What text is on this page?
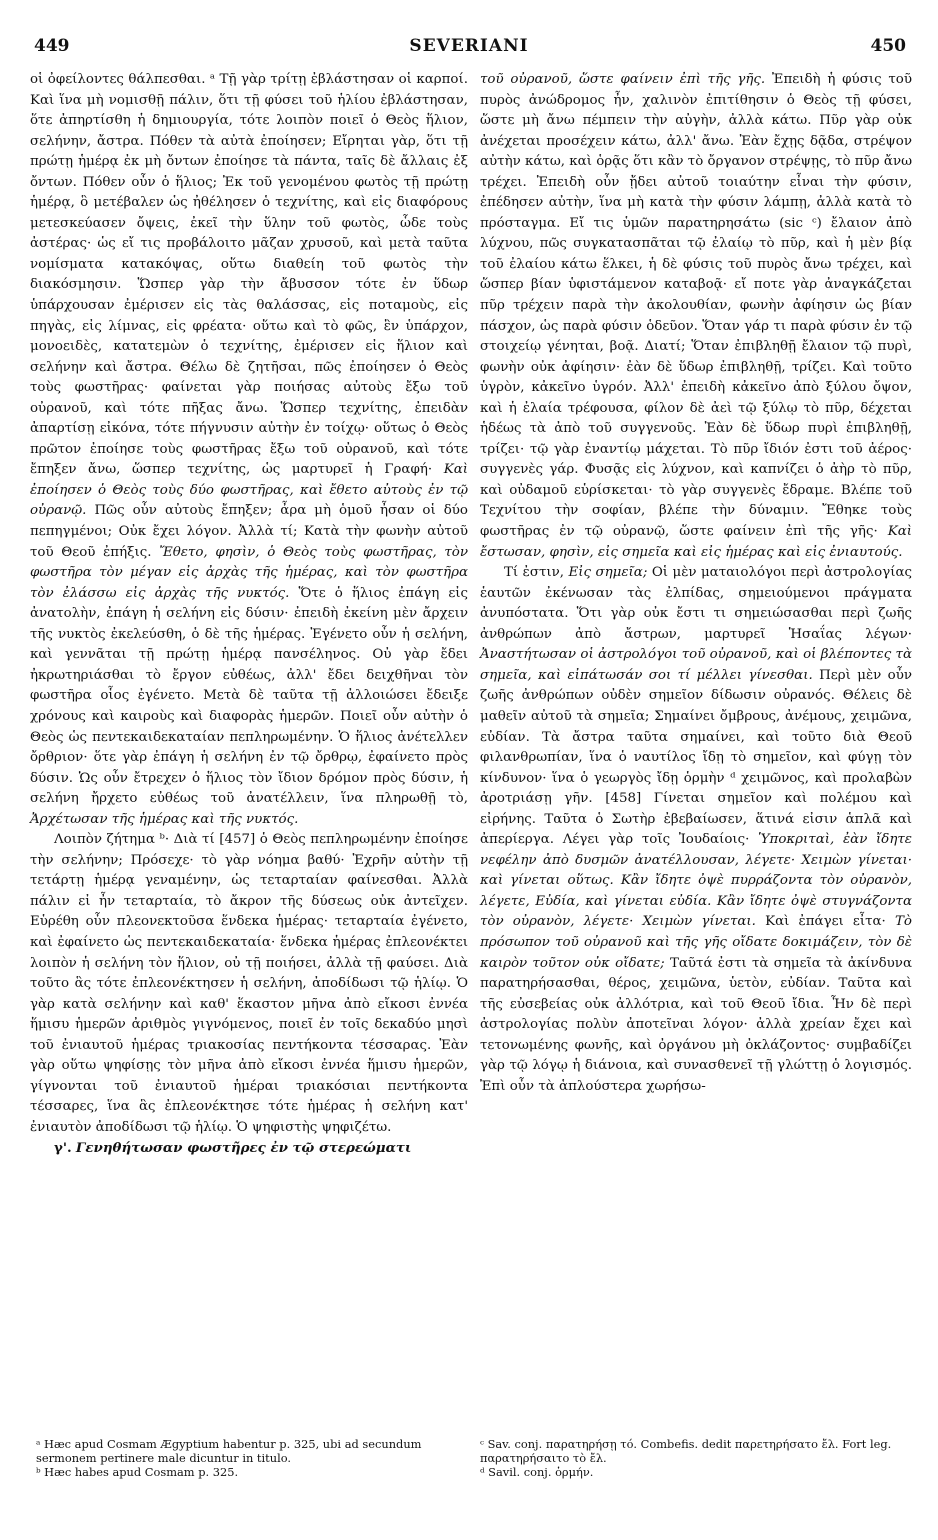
449	SEVERIANI	450

οἱ ὀφείλοντες θάλπεσθαι. ᵃ Τῇ γὰρ τρίτῃ ἐβλάστησαν οἱ καρποί. Καὶ ἵνα μὴ νομισθῇ πάλιν, ὅτι τῇ φύσει τοῦ ἡλίου ἐβλάστησαν, ὅτε ἀπηρτίσθη ἡ δημιουργία, τότε λοιπὸν ποιεῖ ὁ Θεὸς ἥλιον, σελήνην, ἄστρα. Πόθεν τὰ αὐτὰ ἐποίησεν; Εἴρηται γὰρ, ὅτι τῇ πρώτῃ ἡμέρᾳ ἐκ μὴ ὄντων ἐποίησε τὰ πάντα, ταῖς δὲ ἄλλαις ἐξ ὄντων. Πόθεν οὖν ὁ ἥλιος; Ἐκ τοῦ γενομένου φωτὸς τῇ πρώτῃ ἡμέρᾳ, ὃ μετέβαλεν ὡς ἠθέλησεν ὁ τεχνίτης, καὶ εἰς διαφόρους μετεσκεύασεν ὄψεις, ἐκεῖ τὴν ὕλην τοῦ φωτὸς, ὧδε τοὺς ἀστέρας· ὡς εἴ τις προβάλοιτο μᾶζαν χρυσοῦ, καὶ μετὰ ταῦτα νομίσματα κατακόψας, οὕτω διαθείη τοῦ φωτὸς τὴν διακόσμησιν. Ὥσπερ γὰρ τὴν ἄβυσσον τότε ἐν ὕδωρ ὑπάρχουσαν ἐμέρισεν εἰς τὰς θαλάσσας, εἰς ποταμοὺς, εἰς πηγὰς, εἰς λίμνας, εἰς φρέατα· οὕτω καὶ τὸ φῶς, ἓν ὑπάρχον, μονοειδὲς, κατατεμὼν ὁ τεχνίτης, ἐμέρισεν εἰς ἥλιον καὶ σελήνην καὶ ἄστρα. Θέλω δὲ ζητῆσαι, πῶς ἐποίησεν ὁ Θεὸς τοὺς φωστῆρας· φαίνεται γὰρ ποιήσας αὐτοὺς ἔξω τοῦ οὐρανοῦ, καὶ τότε πῆξας ἄνω. Ὥσπερ τεχνίτης, ἐπειδὰν ἀπαρτίσῃ εἰκόνα, τότε πήγνυσιν αὐτὴν ἐν τοίχῳ· οὕτως ὁ Θεὸς πρῶτον ἐποίησε τοὺς φωστῆρας ἔξω τοῦ οὐρανοῦ, καὶ τότε ἔπηξεν ἄνω, ὥσπερ τεχνίτης, ὡς μαρτυρεῖ ἡ Γραφή· Καὶ ἐποίησεν ὁ Θεὸς τοὺς δύο φωστῆρας, καὶ ἔθετο αὐτοὺς ἐν τῷ οὐρανῷ. Πῶς οὖν αὐτοὺς ἔπηξεν; ἆρα μὴ ὁμοῦ ἦσαν οἱ δύο πεπηγμένοι; Οὐκ ἔχει λόγον. Ἀλλὰ τί; Κατὰ τὴν φωνὴν αὐτοῦ τοῦ Θεοῦ ἐπήξις. Ἔθετο, φησὶν, ὁ Θεὸς τοὺς φωστῆρας, τὸν φωστῆρα τὸν μέγαν εἰς ἀρχὰς τῆς ἡμέρας, καὶ τὸν φωστῆρα τὸν ἐλάσσω εἰς ἀρχὰς τῆς νυκτός. Ὅτε ὁ ἥλιος ἐπάγη εἰς ἀνατολὴν, ἐπάγη ἡ σελήνη εἰς δύσιν· ἐπειδὴ ἐκείνη μὲν ἄρχειν τῆς νυκτὸς ἐκελεύσθη, ὁ δὲ τῆς ἡμέρας. Ἐγένετο οὖν ἡ σελήνη, καὶ γεννᾶται τῇ πρώτῃ ἡμέρᾳ πανσέληνος. Οὐ γὰρ ἔδει ἠκρωτηριάσθαι τὸ ἔργον εὐθέως, ἀλλ' ἔδει δειχθῆναι τὸν φωστῆρα οἷος ἐγένετο. Μετὰ δὲ ταῦτα τῇ ἀλλοιώσει ἔδειξε χρόνους καὶ καιροὺς καὶ διαφορὰς ἡμερῶν. Ποιεῖ οὖν αὐτὴν ὁ Θεὸς ὡς πεντεκαιδεκαταίαν πεπληρωμένην. Ὁ ἥλιος ἀνέτελλεν ὄρθριον· ὅτε γὰρ ἐπάγη ἡ σελήνη ἐν τῷ ὄρθρῳ, ἐφαίνετο πρὸς δύσιν. Ὡς οὖν ἔτρεχεν ὁ ἥλιος τὸν ἴδιον δρόμον πρὸς δύσιν, ἡ σελήνη ἤρχετο εὐθέως τοῦ ἀνατέλλειν, ἵνα πληρωθῇ τὸ, Ἀρχέτωσαν τῆς ἡμέρας καὶ τῆς νυκτός.

Λοιπὸν ζήτημα ᵇ· Διὰ τί [457] ὁ Θεὸς πεπληρωμένην ἐποίησε τὴν σελήνην; Πρόσεχε· τὸ γὰρ νόημα βαθύ· Ἐχρῆν αὐτὴν τῇ τετάρτῃ ἡμέρᾳ γεναμένην, ὡς τεταρταίαν φαίνεσθαι. Ἀλλὰ πάλιν εἰ ἦν τεταρταία, τὸ ἄκρον τῆς δύσεως οὐκ ἀντεῖχεν. Εὑρέθη οὖν πλεονεκτοῦσα ἕνδεκα ἡμέρας· τεταρταία ἐγένετο, καὶ ἐφαίνετο ὡς πεντεκαιδεκαταία· ἕνδεκα ἡμέρας ἐπλεονέκτει λοιπὸν ἡ σελήνη τὸν ἥλιον, οὐ τῇ ποιήσει, ἀλλὰ τῇ φαύσει. Διὰ τοῦτο ἃς τότε ἐπλεονέκτησεν ἡ σελήνη, ἀποδίδωσι τῷ ἡλίῳ. Ὁ γὰρ κατὰ σελήνην καὶ καθ' ἕκαστον μῆνα ἀπὸ εἴκοσι ἐννέα ἥμισυ ἡμερῶν ἀριθμὸς γιγνόμενος, ποιεῖ ἐν τοῖς δεκαδύο μησὶ τοῦ ἐνιαυτοῦ ἡμέρας τριακοσίας πεντήκοντα τέσσαρας. Ἐὰν γὰρ οὕτω ψηφίσῃς τὸν μῆνα ἀπὸ εἴκοσι ἐννέα ἥμισυ ἡμερῶν, γίγνονται τοῦ ἐνιαυτοῦ ἡμέραι τριακόσιαι πεντήκοντα τέσσαρες, ἵνα ἃς ἐπλεονέκτησε τότε ἡμέρας ἡ σελήνη κατ' ἐνιαυτὸν ἀποδίδωσι τῷ ἡλίῳ. Ὁ ψηφιστὴς ψηφιζέτω.

γ'. Γενηθήτωσαν φωστῆρες ἐν τῷ στερεώματι

τοῦ οὐρανοῦ, ὥστε φαίνειν ἐπὶ τῆς γῆς. Ἐπειδὴ ἡ φύσις τοῦ πυρὸς ἀνώδρομος ἦν, χαλινὸν ἐπιτίθησιν ὁ Θεὸς τῇ φύσει, ὥστε μὴ ἄνω πέμπειν τὴν αὐγὴν, ἀλλὰ κάτω. Πῦρ γὰρ οὐκ ἀνέχεται προσέχειν κάτω, ἀλλ' ἄνω. Ἐὰν ἔχῃς δᾷδα, στρέψον αὐτὴν κάτω, καὶ ὁρᾷς ὅτι κἂν τὸ ὄργανον στρέψῃς, τὸ πῦρ ἄνω τρέχει. Ἐπειδὴ οὖν ᾔδει αὐτοῦ τοιαύτην εἶναι τὴν φύσιν, ἐπέδησεν αὐτὴν, ἵνα μὴ κατὰ τὴν φύσιν λάμπῃ, ἀλλὰ κατὰ τὸ πρόσταγμα. Εἴ τις ὑμῶν παρατηρησάτω (sic ᶜ) ἔλαιον ἀπὸ λύχνου, πῶς συγκατασπᾶται τῷ ἐλαίῳ τὸ πῦρ, καὶ ἡ μὲν βίᾳ τοῦ ἐλαίου κάτω ἕλκει, ἡ δὲ φύσις τοῦ πυρὸς ἄνω τρέχει, καὶ ὥσπερ βίαν ὑφιστάμενον καταβοᾷ· εἴ ποτε γὰρ ἀναγκάζεται πῦρ τρέχειν παρὰ τὴν ἀκολουθίαν, φωνὴν ἀφίησιν ὡς βίαν πάσχον, ὡς παρὰ φύσιν ὁδεῦον. Ὅταν γάρ τι παρὰ φύσιν ἐν τῷ στοιχείῳ γένηται, βοᾷ. Διατί; Ὅταν ἐπιβληθῇ ἔλαιον τῷ πυρὶ, φωνὴν οὐκ ἀφίησιν· ἐὰν δὲ ὕδωρ ἐπιβληθῇ, τρίζει. Καὶ τοῦτο ὑγρὸν, κἀκεῖνο ὑγρόν. Ἀλλ' ἐπειδὴ κἀκεῖνο ἀπὸ ξύλου ὄψον, καὶ ἡ ἐλαία τρέφουσα, φίλον δὲ ἀεὶ τῷ ξύλῳ τὸ πῦρ, δέχεται ἡδέως τὰ ἀπὸ τοῦ συγγενοῦς. Ἐὰν δὲ ὕδωρ πυρὶ ἐπιβληθῇ, τρίζει· τῷ γὰρ ἐναντίῳ μάχεται. Τὸ πῦρ ἴδιόν ἐστι τοῦ ἀέρος· συγγενὲς γάρ. Φυσᾷς εἰς λύχνον, καὶ καπνίζει ὁ ἀὴρ τὸ πῦρ, καὶ οὐδαμοῦ εὑρίσκεται· τὸ γὰρ συγγενὲς ἔδραμε. Βλέπε τοῦ Τεχνίτου τὴν σοφίαν, βλέπε τὴν δύναμιν. Ἔθηκε τοὺς φωστῆρας ἐν τῷ οὐρανῷ, ὥστε φαίνειν ἐπὶ τῆς γῆς· Καὶ ἔστωσαν, φησὶν, εἰς σημεῖα καὶ εἰς ἡμέρας καὶ εἰς ἐνιαυτούς.

Τί ἐστιν, Εἰς σημεῖα; Οἱ μὲν ματαιολόγοι περὶ ἀστρολογίας ἑαυτῶν ἐκένωσαν τὰς ἐλπίδας, σημειούμενοι πράγματα ἀνυπόστατα. Ὅτι γὰρ οὐκ ἔστι τι σημειώσασθαι περὶ ζωῆς ἀνθρώπων ἀπὸ ἄστρων, μαρτυρεῖ Ἡσαΐας λέγων· Ἀναστήτωσαν οἱ ἀστρολόγοι τοῦ οὐρανοῦ, καὶ οἱ βλέποντες τὰ σημεῖα, καὶ εἰπάτωσάν σοι τί μέλλει γίνεσθαι. Περὶ μὲν οὖν ζωῆς ἀνθρώπων οὐδὲν σημεῖον δίδωσιν οὐρανός. Θέλεις δὲ μαθεῖν αὐτοῦ τὰ σημεῖα; Σημαίνει ὄμβρους, ἀνέμους, χειμῶνα, εὐδίαν. Τὰ ἄστρα ταῦτα σημαίνει, καὶ τοῦτο διὰ Θεοῦ φιλανθρωπίαν, ἵνα ὁ ναυτίλος ἴδῃ τὸ σημεῖον, καὶ φύγῃ τὸν κίνδυνον· ἵνα ὁ γεωργὸς ἴδῃ ὁρμὴν ᵈ χειμῶνος, καὶ προλαβὼν ἀροτριάσῃ γῆν. [458] Γίνεται σημεῖον καὶ πολέμου καὶ εἰρήνης. Ταῦτα ὁ Σωτὴρ ἐβεβαίωσεν, ἅτινά εἰσιν ἁπλᾶ καὶ ἀπερίεργα. Λέγει γὰρ τοῖς Ἰουδαίοις· Ὑποκριταὶ, ἐὰν ἴδητε νεφέλην ἀπὸ δυσμῶν ἀνατέλλουσαν, λέγετε· Χειμὼν γίνεται· καὶ γίνεται οὕτως. Κἂν ἴδητε ὀψὲ πυρράζοντα τὸν οὐρανὸν, λέγετε, Εὐδία, καὶ γίνεται εὐδία. Κἂν ἴδητε ὀψὲ στυγνάζοντα τὸν οὐρανὸν, λέγετε· Χειμὼν γίνεται. Καὶ ἐπάγει εἶτα· Τὸ πρόσωπον τοῦ οὐρανοῦ καὶ τῆς γῆς οἴδατε δοκιμάζειν, τὸν δὲ καιρὸν τοῦτον οὐκ οἴδατε; Ταῦτά ἐστι τὰ σημεῖα τὰ ἀκίνδυνα παρατηρήσασθαι, θέρος, χειμῶνα, ὑετὸν, εὐδίαν. Ταῦτα καὶ τῆς εὐσεβείας οὐκ ἀλλότρια, καὶ τοῦ Θεοῦ ἴδια. Ἦν δὲ περὶ ἀστρολογίας πολὺν ἀποτεῖναι λόγον· ἀλλὰ χρείαν ἔχει καὶ τετονωμένης φωνῆς, καὶ ὀργάνου μὴ ὀκλάζοντος· συμβαδίζει γὰρ τῷ λόγῳ ἡ διάνοια, καὶ συνασθενεῖ τῇ γλώττῃ ὁ λογισμός. Ἐπὶ οὖν τὰ ἁπλούστερα χωρήσω-

ᵃ Hæc apud Cosmam Ægyptium habentur p. 325, ubi ad secundum sermonem pertinere male dicuntur in titulo.
ᵇ Hæc habes apud Cosmam p. 325.
ᶜ Sav. conj. παρατηρήσῃ τό. Combefis. dedit παρετηρήσατο ἔλ. Fort leg. παρατηρήσαιτο τὸ ἔλ.
ᵈ Savil. conj. ὁρμήν.
